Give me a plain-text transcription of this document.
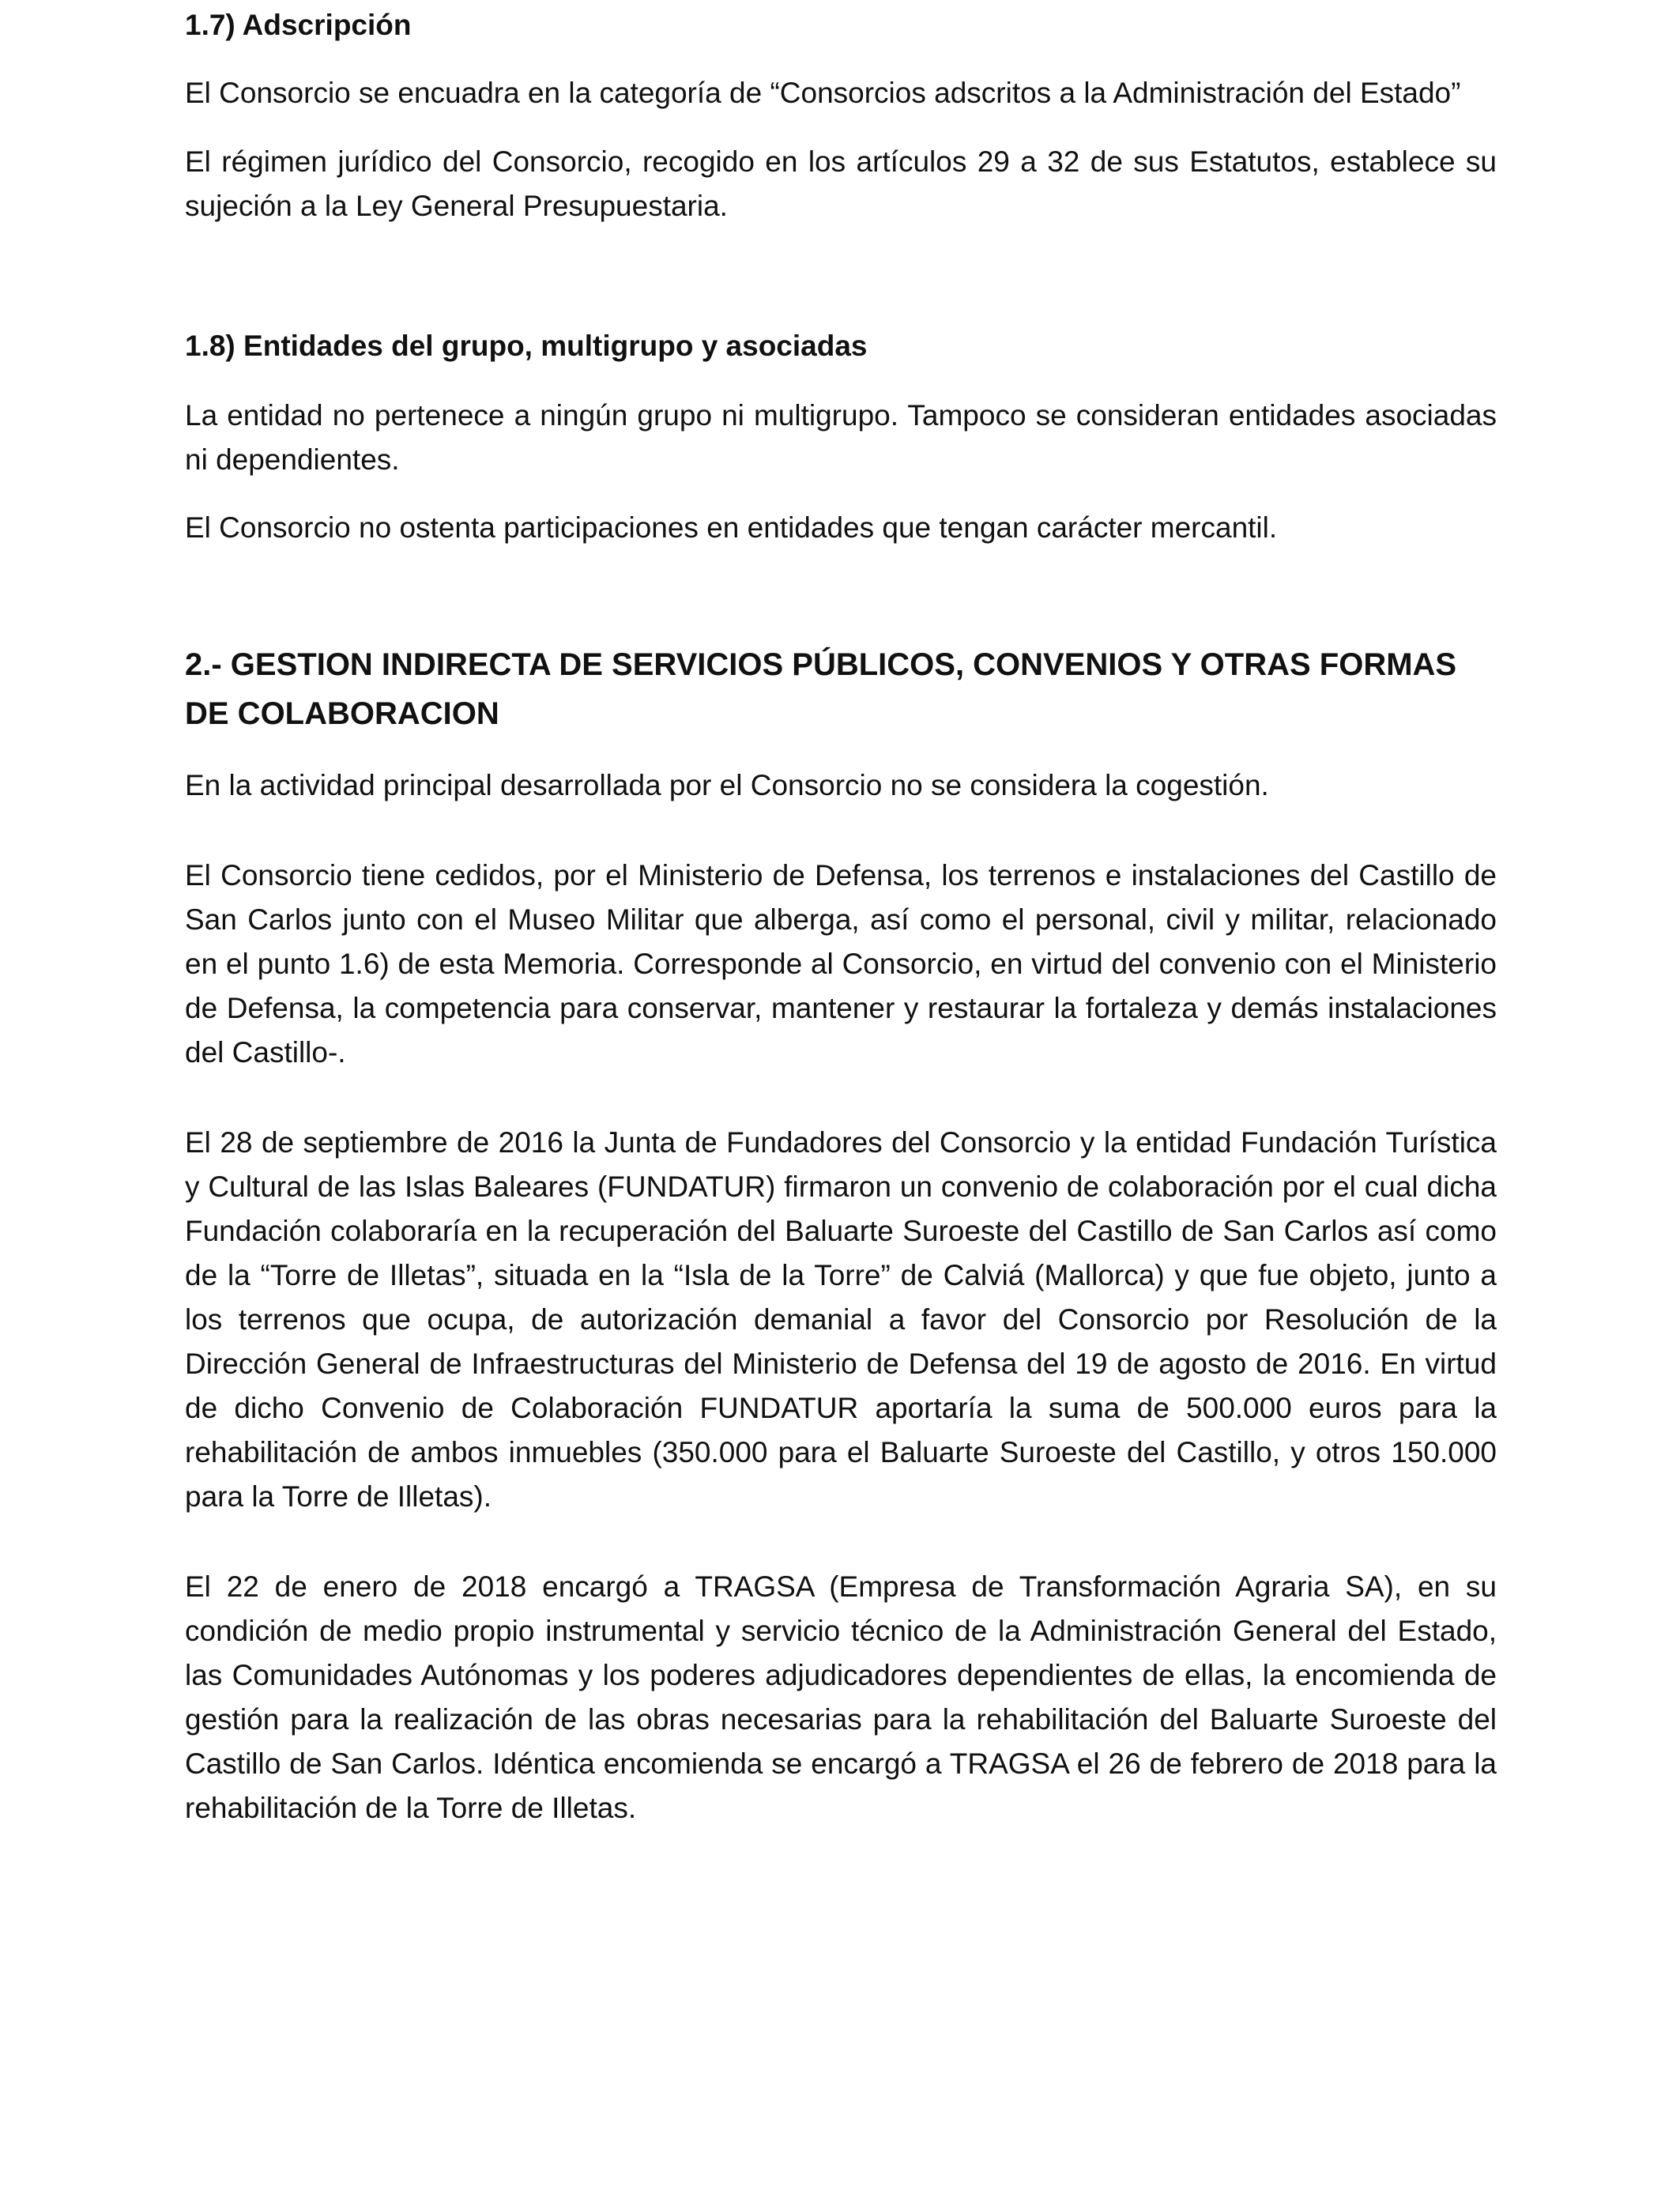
1.7) Adscripción

El Consorcio se encuadra en la categoría de “Consorcios adscritos a la Administración del Estado”

El régimen jurídico del Consorcio, recogido en los artículos 29 a 32 de sus Estatutos, establece su sujeción a la Ley General Presupuestaria.

1.8) Entidades del grupo, multigrupo y asociadas

La entidad no pertenece a ningún grupo ni multigrupo. Tampoco se consideran entidades asociadas ni dependientes.

El Consorcio no ostenta participaciones en entidades que tengan carácter mercantil.

2.- GESTION INDIRECTA DE SERVICIOS PÚBLICOS, CONVENIOS Y OTRAS FORMAS DE COLABORACION

En la actividad principal desarrollada por el Consorcio no se considera la cogestión.

El Consorcio tiene cedidos, por el Ministerio de Defensa, los terrenos e instalaciones del Castillo de San Carlos junto con el Museo Militar que alberga, así como el personal, civil y militar, relacionado en el punto 1.6) de esta Memoria. Corresponde al Consorcio, en virtud del convenio con el Ministerio de Defensa, la competencia para conservar, mantener y restaurar la fortaleza y demás instalaciones del Castillo-.

El 28 de septiembre de 2016 la Junta de Fundadores del Consorcio y la entidad Fundación Turística y Cultural de las Islas Baleares (FUNDATUR) firmaron un convenio de colaboración por el cual dicha Fundación colaboraría en la recuperación del Baluarte Suroeste del Castillo de San Carlos así como de la “Torre de Illetas”, situada en la “Isla de la Torre” de Calviá (Mallorca) y que fue objeto, junto a los terrenos que ocupa, de autorización demanial a favor del Consorcio por Resolución de la Dirección General de Infraestructuras del Ministerio de Defensa del 19 de agosto de 2016. En virtud de dicho Convenio de Colaboración FUNDATUR aportaría la suma de 500.000 euros para la rehabilitación de ambos inmuebles (350.000 para el Baluarte Suroeste del Castillo, y otros 150.000 para la Torre de Illetas).

El 22 de enero de 2018 encargó a TRAGSA (Empresa de Transformación Agraria SA), en su condición de medio propio instrumental y servicio técnico de la Administración General del Estado, las Comunidades Autónomas y los poderes adjudicadores dependientes de ellas, la encomienda de gestión para la realización de las obras necesarias para la rehabilitación del Baluarte Suroeste del Castillo de San Carlos. Idéntica encomienda se encargó a TRAGSA el 26 de febrero de 2018 para la rehabilitación de la Torre de Illetas.
